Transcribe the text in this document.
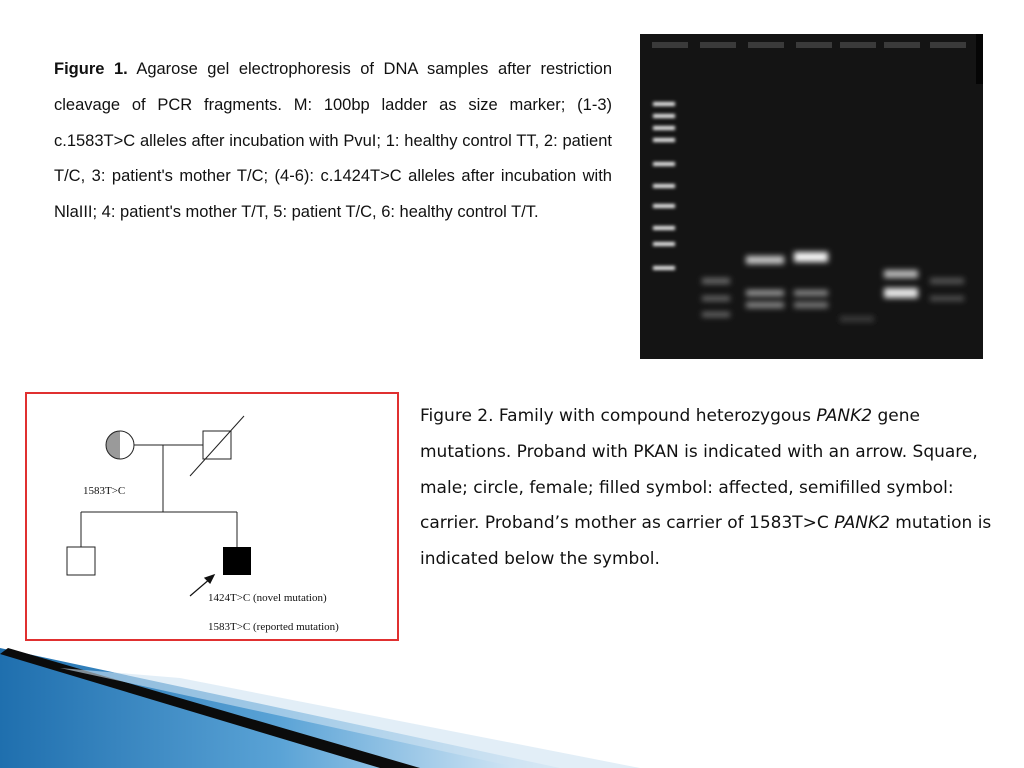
Figure 1. Agarose gel electrophoresis of DNA samples after restriction cleavage of PCR fragments. M: 100bp ladder as size marker; (1-3) c.1583T>C alleles after incubation with PvuI; 1: healthy control TT, 2: patient T/C, 3: patient's mother T/C; (4-6): c.1424T>C alleles after incubation with NlaIII; 4: patient's mother T/T, 5: patient T/C, 6: healthy control T/T.
1583T>C
1424T>C (novel mutation)
1583T>C (reported mutation)
Figure 2. Family with compound heterozygous PANK2 gene mutations. Proband with PKAN is indicated with an arrow. Square, male; circle, female; filled symbol: affected, semifilled symbol: carrier. Proband’s mother as carrier of 1583T>C PANK2 mutation is indicated below the symbol.
